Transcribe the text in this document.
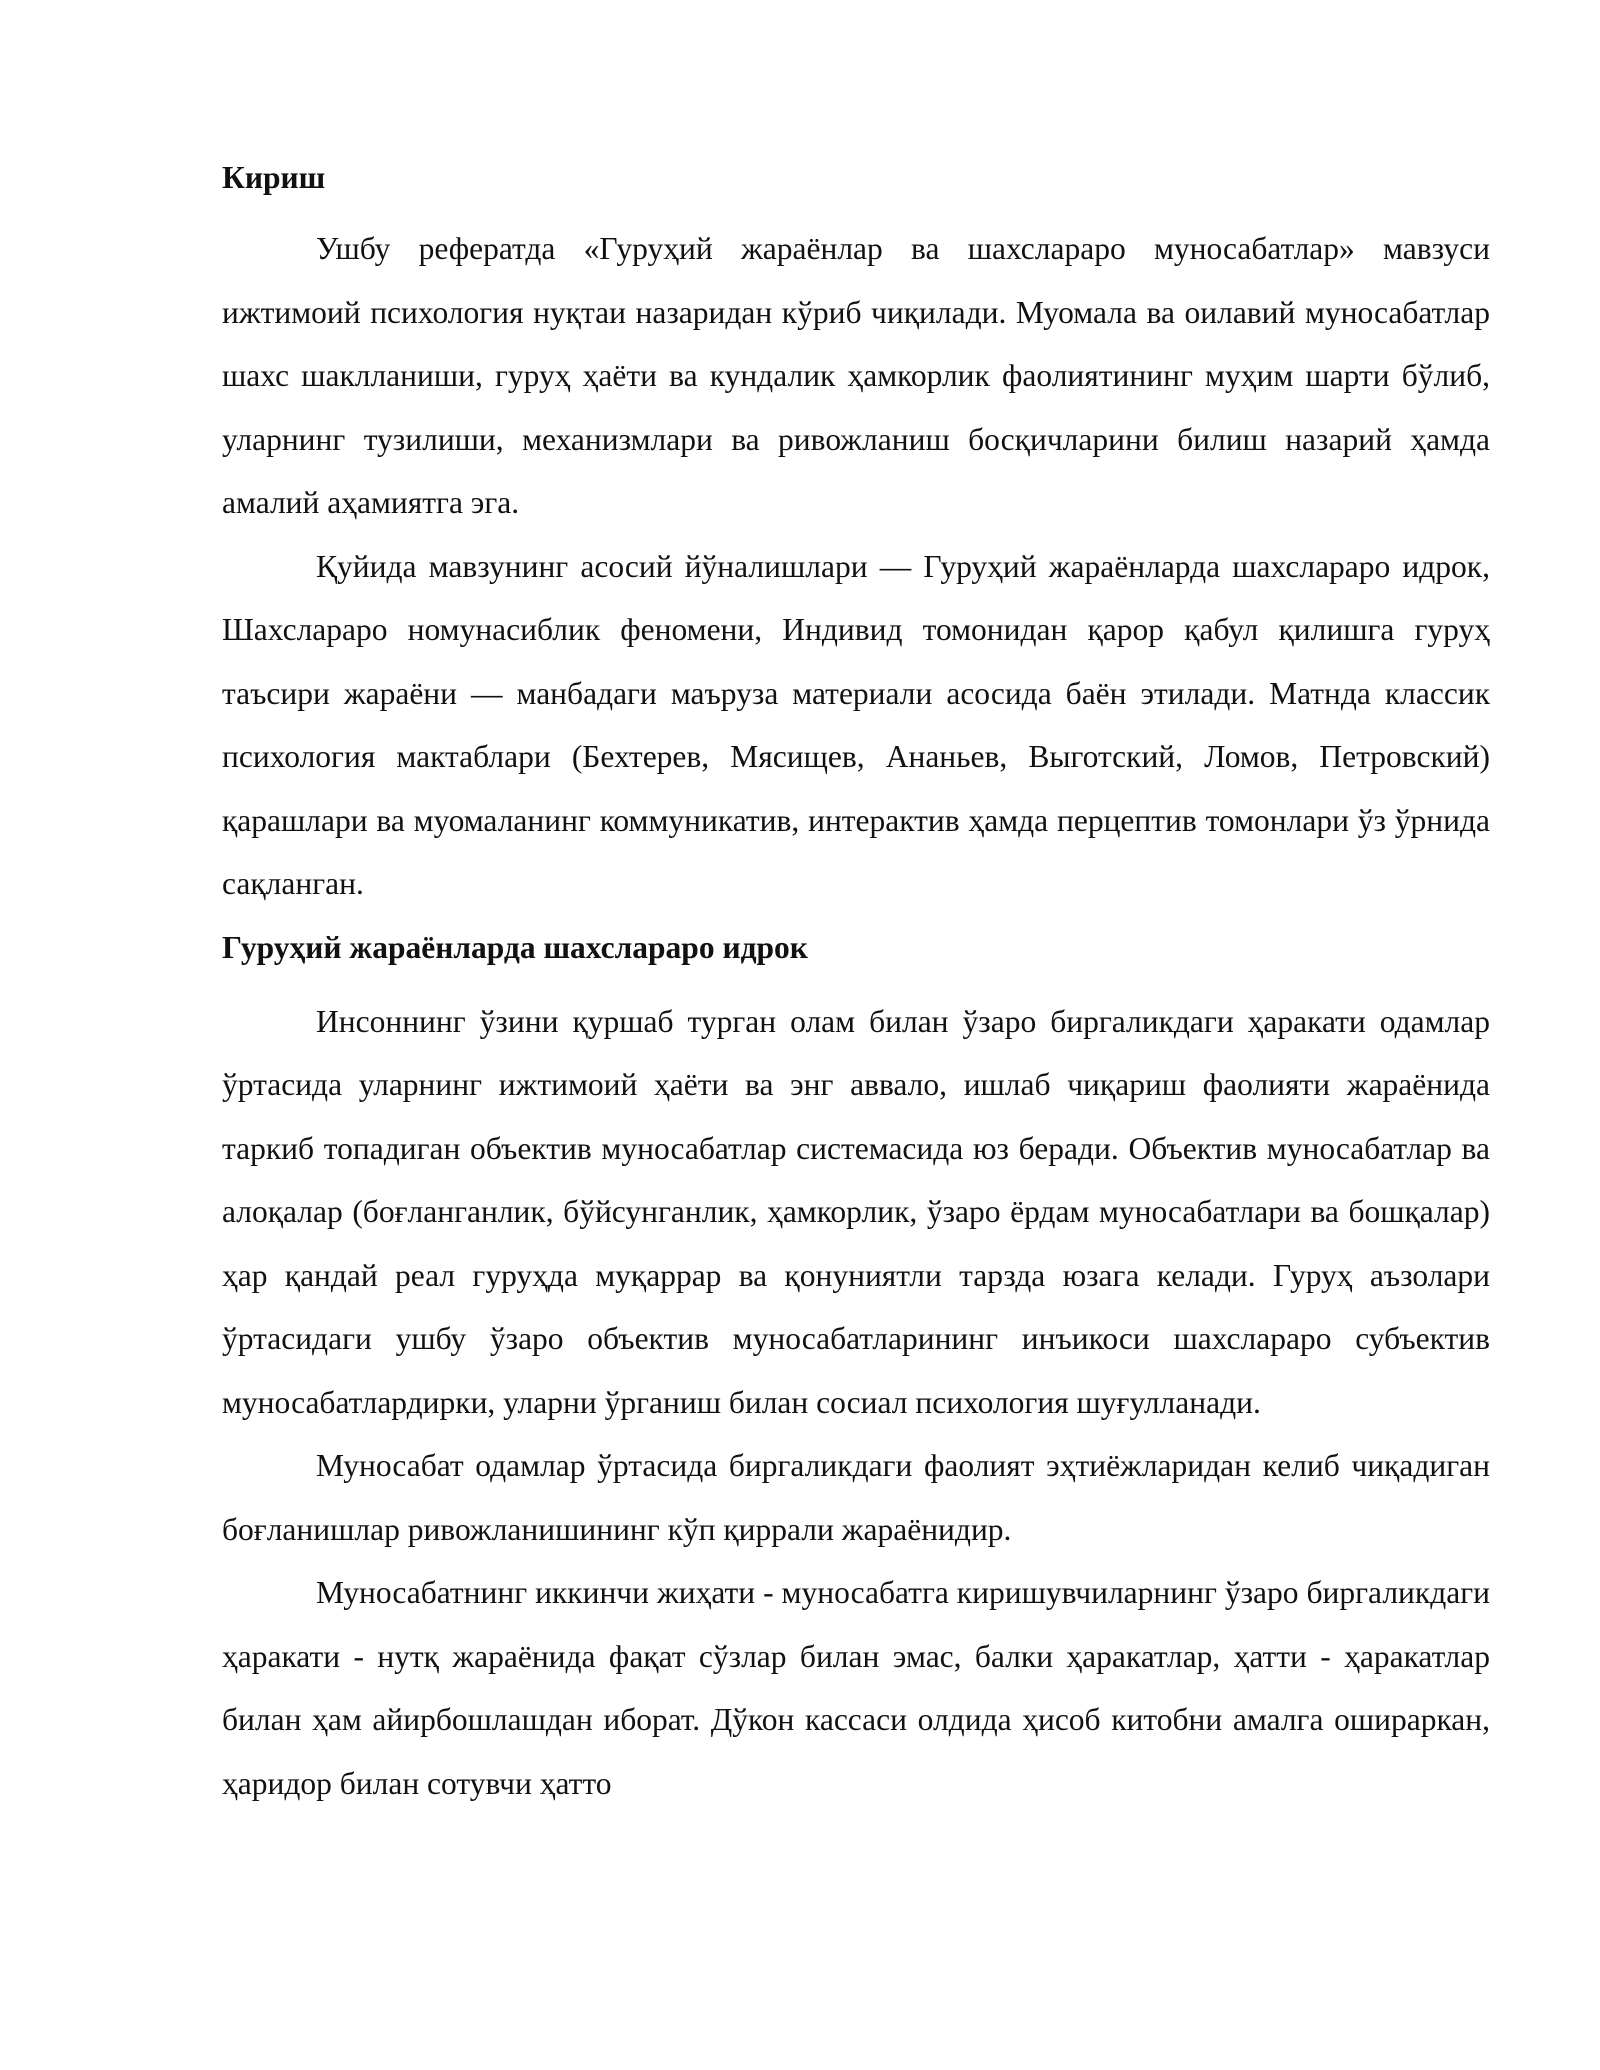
Кириш

Ушбу рефератда «Гуруҳий жараёнлар ва шахслараро муносабатлар» мавзуси ижтимоий психология нуқтаи назаридан кўриб чиқилади. Муомала ва оилавий муносабатлар шахс шаклланиши, гуруҳ ҳаёти ва кундалик ҳамкорлик фаолиятининг муҳим шарти бўлиб, уларнинг тузилиши, механизмлари ва ривожланиш босқичларини билиш назарий ҳамда амалий аҳамиятга эга.

Қуйида мавзунинг асосий йўналишлари — Гуруҳий жараёнларда шахслараро идрок, Шахслараро номунасиблик феномени, Индивид томонидан қарор қабул қилишга гуруҳ таъсири жараёни — манбадаги маъруза материали асосида баён этилади. Матнда классик психология мактаблари (Бехтерев, Мясищев, Ананьев, Выготский, Ломов, Петровский) қарашлари ва муомаланинг коммуникатив, интерактив ҳамда перцептив томонлари ўз ўрнида сақланган.

Гуруҳий жараёнларда шахслараро идрок

Инсоннинг ўзини қуршаб турган олам билан ўзаро биргаликдаги ҳаракати одамлар ўртасида уларнинг ижтимоий ҳаёти ва энг аввало, ишлаб чиқариш фаолияти жараёнида таркиб топадиган объектив муносабатлар системасида юз беради. Объектив муносабатлар ва алоқалар (боғланганлик, бўйсунганлик, ҳамкорлик, ўзаро ёрдам муносабатлари ва бошқалар) ҳар қандай реал гуруҳда муқаррар ва қонуниятли тарзда юзага келади. Гуруҳ аъзолари ўртасидаги ушбу ўзаро объектив муносабатларининг инъикоси шахслараро субъектив муносабатлардирки, уларни ўрганиш билан сосиал психология шуғулланади.

Муносабат одамлар ўртасида биргаликдаги фаолият эҳтиёжларидан келиб чиқадиган боғланишлар ривожланишининг кўп қиррали жараёнидир.

Муносабатнинг иккинчи жиҳати - муносабатга киришувчиларнинг ўзаро биргаликдаги ҳаракати - нутқ жараёнида фақат сўзлар билан эмас, балки ҳаракатлар, ҳатти - ҳаракатлар билан ҳам айирбошлашдан иборат. Дўкон кассаси олдида ҳисоб китобни амалга ошираркан, ҳаридор билан сотувчи ҳатто
